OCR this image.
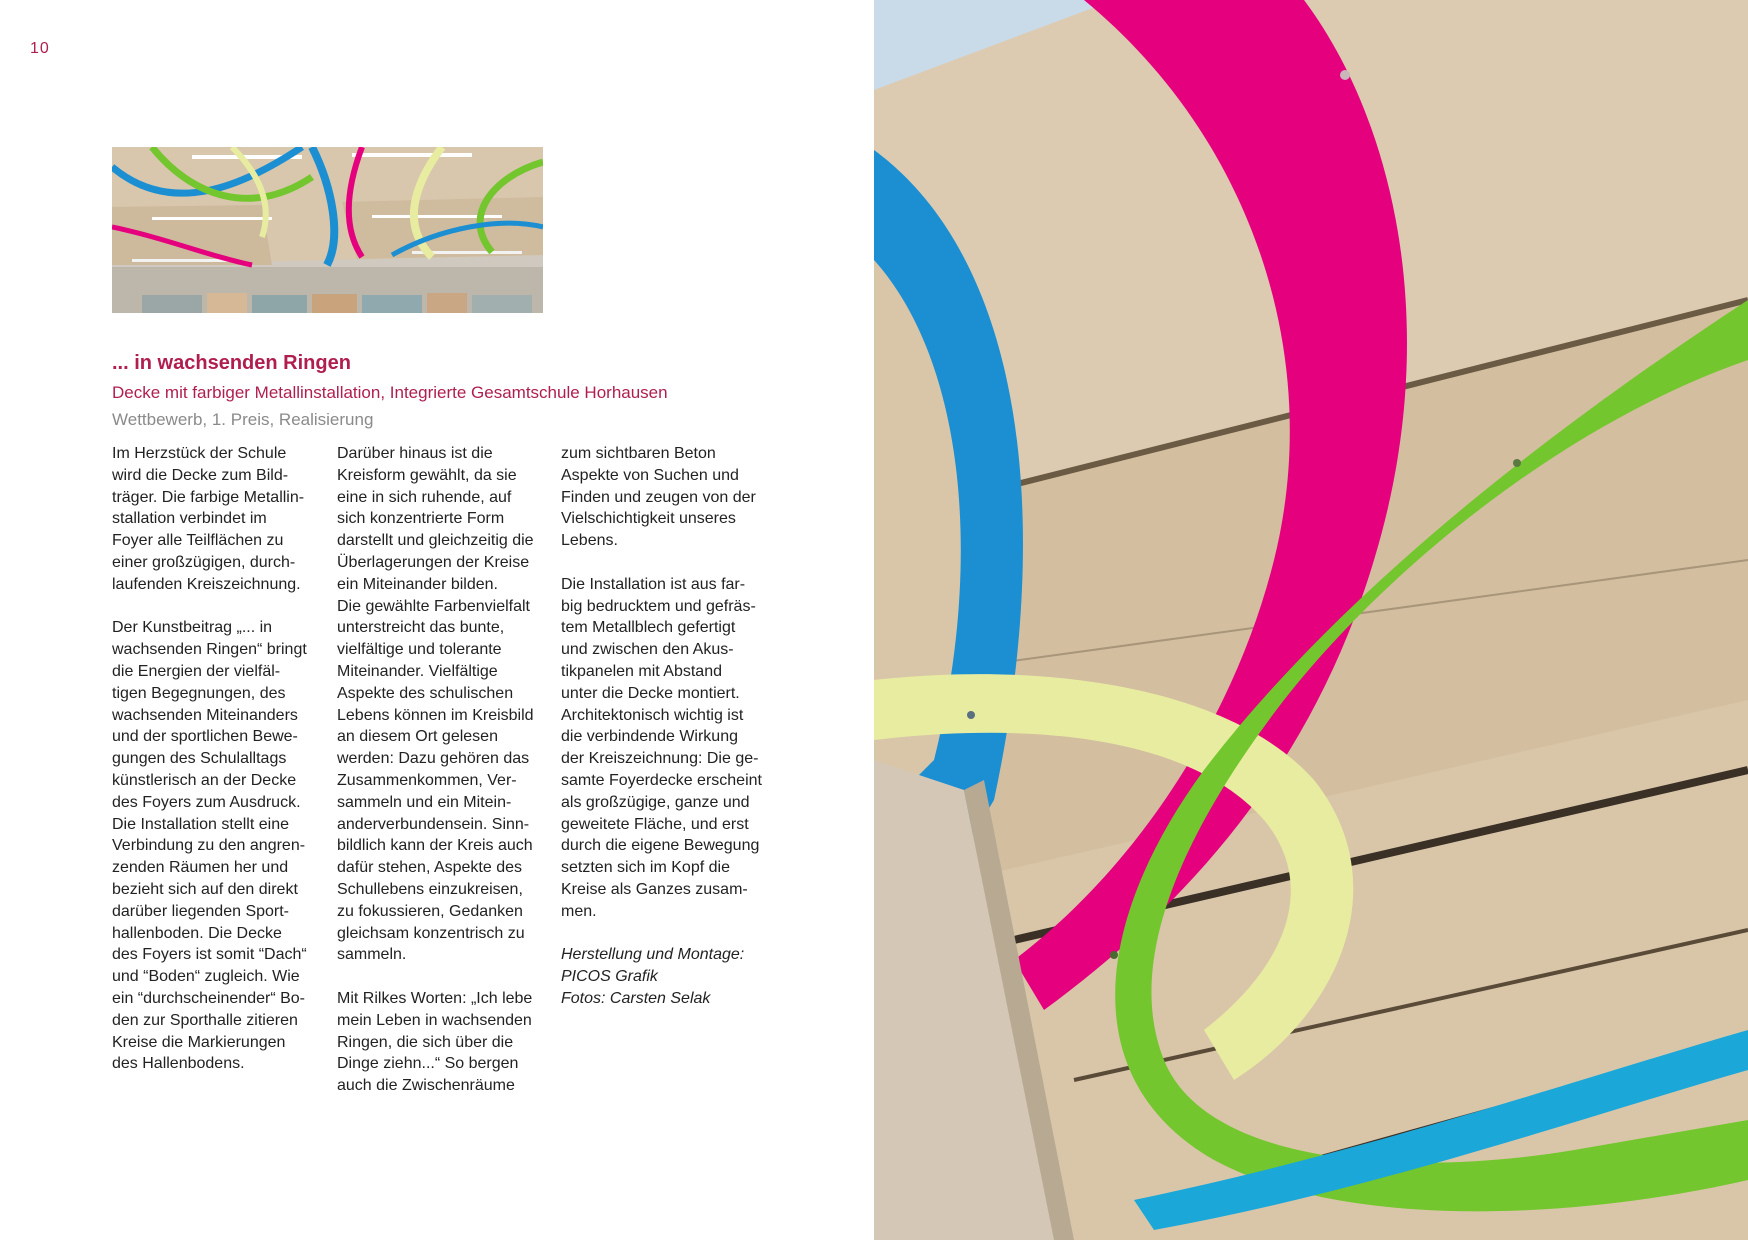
10
... in wachsenden Ringen
Decke mit farbiger Metallinstallation, Integrierte Gesamtschule Horhausen
Wettbewerb, 1. Preis, Realisierung

Im Herzstück der Schule
wird die Decke zum Bild-
träger. Die farbige Metallin-
stallation verbindet im
Foyer alle Teilflächen zu
einer großzügigen, durch-
laufenden Kreiszeichnung.

Der Kunstbeitrag „... in
wachsenden Ringen“ bringt
die Energien der vielfäl-
tigen Begegnungen, des
wachsenden Miteinanders
und der sportlichen Bewe-
gungen des Schulalltags
künstlerisch an der Decke
des Foyers zum Ausdruck.
Die Installation stellt eine
Verbindung zu den angren-
zenden Räumen her und
bezieht sich auf den direkt
darüber liegenden Sport-
hallenboden. Die Decke
des Foyers ist somit “Dach“
und “Boden“ zugleich. Wie
ein “durchscheinender“ Bo-
den zur Sporthalle zitieren
Kreise die Markierungen
des Hallenbodens.

Darüber hinaus ist die
Kreisform gewählt, da sie
eine in sich ruhende, auf
sich konzentrierte Form
darstellt und gleichzeitig die
Überlagerungen der Kreise
ein Miteinander bilden.
Die gewählte Farbenvielfalt
unterstreicht das bunte,
vielfältige und tolerante
Miteinander. Vielfältige
Aspekte des schulischen
Lebens können im Kreisbild
an diesem Ort gelesen
werden: Dazu gehören das
Zusammenkommen, Ver-
sammeln und ein Mitein-
anderverbundensein. Sinn-
bildlich kann der Kreis auch
dafür stehen, Aspekte des
Schullebens einzukreisen,
zu fokussieren, Gedanken
gleichsam konzentrisch zu
sammeln.

Mit Rilkes Worten: „Ich lebe
mein Leben in wachsenden
Ringen, die sich über die
Dinge ziehn...“ So bergen
auch die Zwischenräume

zum sichtbaren Beton
Aspekte von Suchen und
Finden und zeugen von der
Vielschichtigkeit unseres
Lebens.

Die Installation ist aus far-
big bedrucktem und gefräs-
tem Metallblech gefertigt
und zwischen den Akus-
tikpanelen mit Abstand
unter die Decke montiert.
Architektonisch wichtig ist
die verbindende Wirkung
der Kreiszeichnung: Die ge-
samte Foyerdecke erscheint
als großzügige, ganze und
geweitete Fläche, und erst
durch die eigene Bewegung
setzten sich im Kopf die
Kreise als Ganzes zusam-
men.

Herstellung und Montage:
PICOS Grafik
Fotos: Carsten Selak
